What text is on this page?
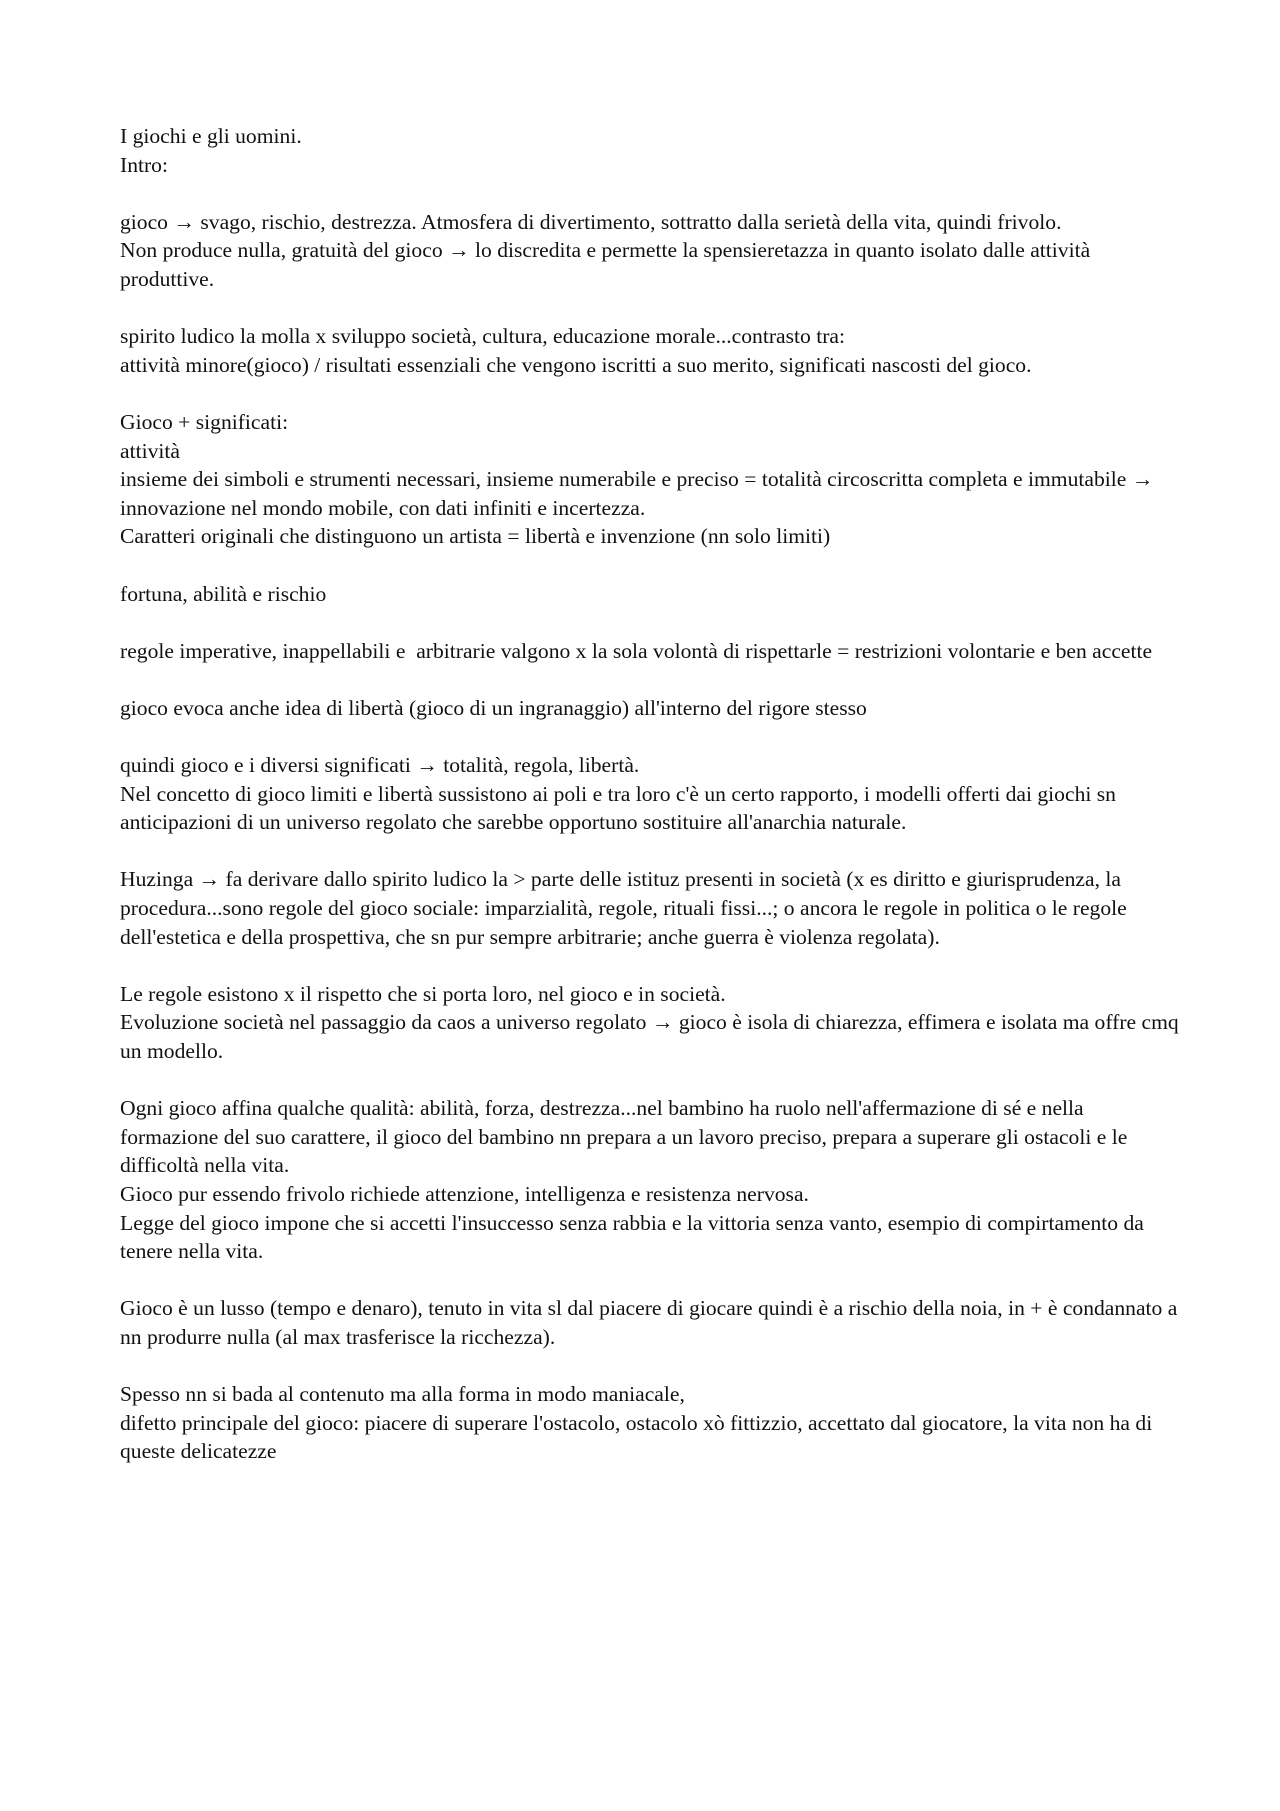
I giochi e gli uomini.
Intro:
gioco → svago, rischio, destrezza. Atmosfera di divertimento, sottratto dalla serietà della vita, quindi frivolo.
Non produce nulla, gratuità del gioco → lo discredita e permette la spensieretazza in quanto isolato dalle attività produttive.
spirito ludico la molla x sviluppo società, cultura, educazione morale...contrasto tra:
attività minore(gioco) / risultati essenziali che vengono iscritti a suo merito, significati nascosti del gioco.
Gioco + significati:
attività
insieme dei simboli e strumenti necessari, insieme numerabile e preciso = totalità circoscritta completa e immutabile → innovazione nel mondo mobile, con dati infiniti e incertezza.
Caratteri originali che distinguono un artista = libertà e invenzione (nn solo limiti)
fortuna, abilità e rischio
regole imperative, inappellabili e  arbitrarie valgono x la sola volontà di rispettarle = restrizioni volontarie e ben accette
gioco evoca anche idea di libertà (gioco di un ingranaggio) all'interno del rigore stesso
quindi gioco e i diversi significati → totalità, regola, libertà.
Nel concetto di gioco limiti e libertà sussistono ai poli e tra loro c'è un certo rapporto, i modelli offerti dai giochi sn anticipazioni di un universo regolato che sarebbe opportuno sostituire all'anarchia naturale.
Huzinga → fa derivare dallo spirito ludico la > parte delle istituz presenti in società (x es diritto e giurisprudenza, la procedura...sono regole del gioco sociale: imparzialità, regole, rituali fissi...; o ancora le regole in politica o le regole dell'estetica e della prospettiva, che sn pur sempre arbitrarie; anche guerra è violenza regolata).
Le regole esistono x il rispetto che si porta loro, nel gioco e in società.
Evoluzione società nel passaggio da caos a universo regolato → gioco è isola di chiarezza, effimera e isolata ma offre cmq un modello.
Ogni gioco affina qualche qualità: abilità, forza, destrezza...nel bambino ha ruolo nell'affermazione di sé e nella formazione del suo carattere, il gioco del bambino nn prepara a un lavoro preciso, prepara a superare gli ostacoli e le difficoltà nella vita.
Gioco pur essendo frivolo richiede attenzione, intelligenza e resistenza nervosa.
Legge del gioco impone che si accetti l'insuccesso senza rabbia e la vittoria senza vanto, esempio di compirtamento da tenere nella vita.
Gioco è un lusso (tempo e denaro), tenuto in vita sl dal piacere di giocare quindi è a rischio della noia, in + è condannato a nn produrre nulla (al max trasferisce la ricchezza).
Spesso nn si bada al contenuto ma alla forma in modo maniacale,
difetto principale del gioco: piacere di superare l'ostacolo, ostacolo xò fittizzio, accettato dal giocatore, la vita non ha di queste delicatezze
